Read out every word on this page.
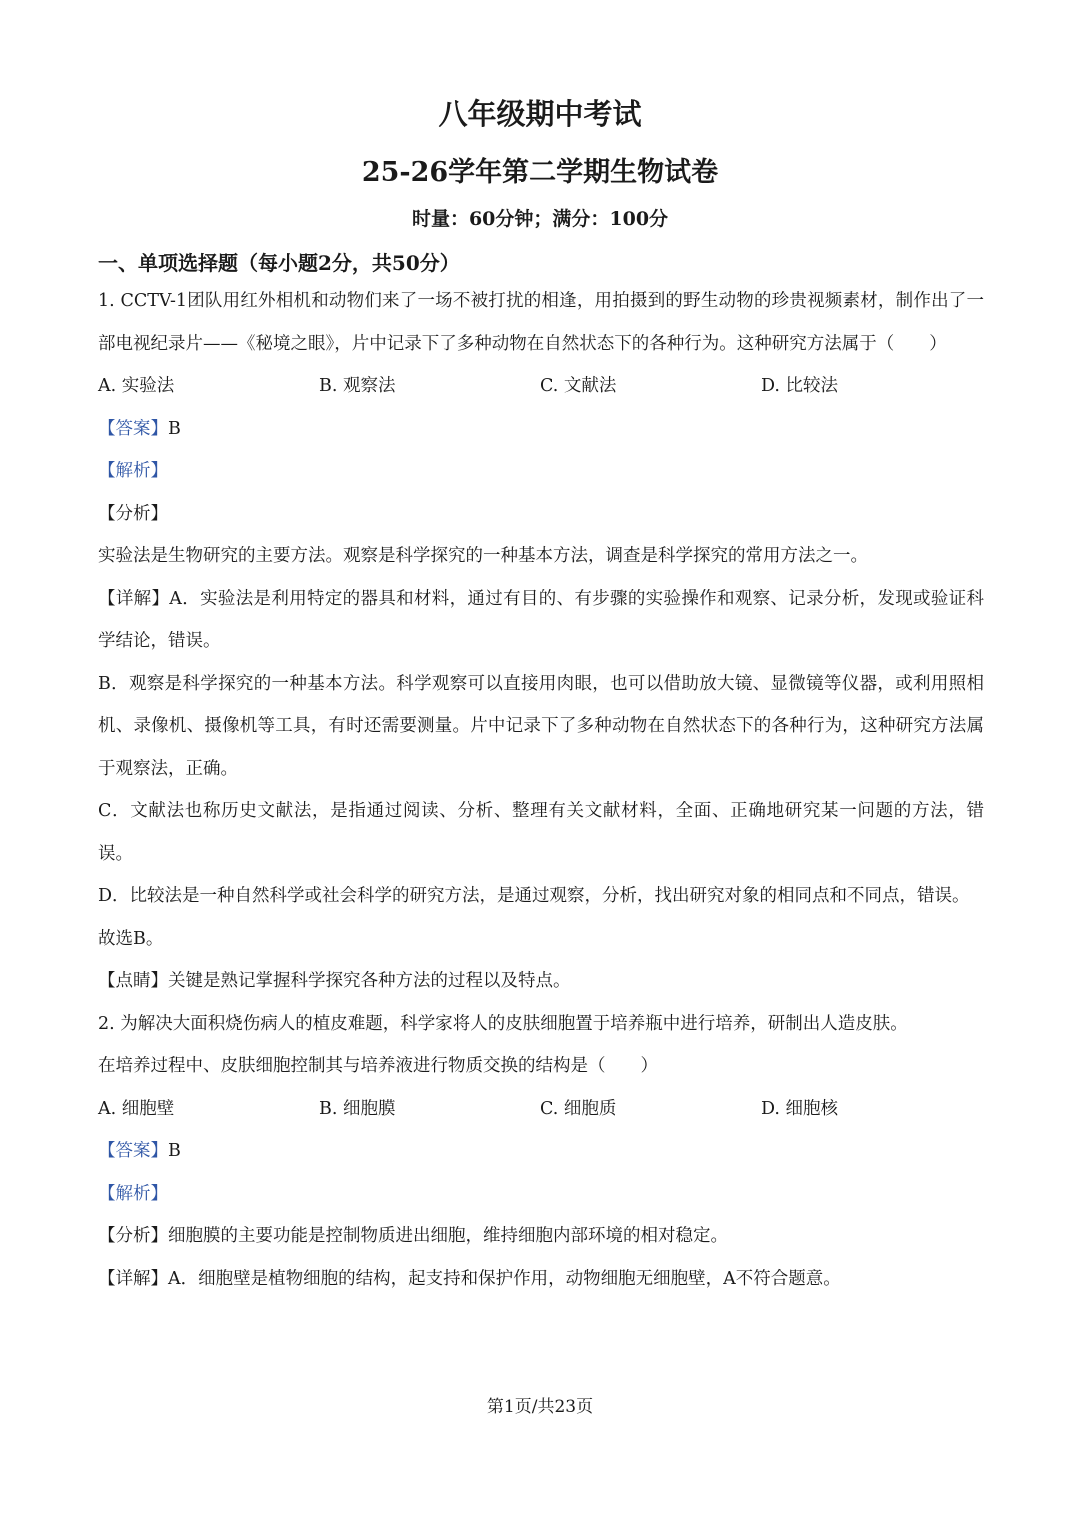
八年级期中考试
25-26学年第二学期生物试卷
时量：60分钟；满分：100分
一、单项选择题（每小题2分，共50分）

1. CCTV-1团队用红外相机和动物们来了一场不被打扰的相逢，用拍摄到的野生动物的珍贵视频素材，制作出了一部电视纪录片——《秘境之眼》，片中记录下了多种动物在自然状态下的各种行为。这种研究方法属于（　　）

A. 实验法	B. 观察法	C. 文献法	D. 比较法

【答案】B

【解析】

【分析】

实验法是生物研究的主要方法。观察是科学探究的一种基本方法，调查是科学探究的常用方法之一。

【详解】A．实验法是利用特定的器具和材料，通过有目的、有步骤的实验操作和观察、记录分析，发现或验证科学结论，错误。

B．观察是科学探究的一种基本方法。科学观察可以直接用肉眼，也可以借助放大镜、显微镜等仪器，或利用照相机、录像机、摄像机等工具，有时还需要测量。片中记录下了多种动物在自然状态下的各种行为，这种研究方法属于观察法，正确。

C．文献法也称历史文献法，是指通过阅读、分析、整理有关文献材料，全面、正确地研究某一问题的方法，错误。

D．比较法是一种自然科学或社会科学的研究方法，是通过观察，分析，找出研究对象的相同点和不同点，错误。

故选B。

【点睛】关键是熟记掌握科学探究各种方法的过程以及特点。

2. 为解决大面积烧伤病人的植皮难题，科学家将人的皮肤细胞置于培养瓶中进行培养，研制出人造皮肤。

在培养过程中、皮肤细胞控制其与培养液进行物质交换的结构是（　　）

A. 细胞壁	B. 细胞膜	C. 细胞质	D. 细胞核

【答案】B

【解析】

【分析】细胞膜的主要功能是控制物质进出细胞，维持细胞内部环境的相对稳定。

【详解】A．细胞壁是植物细胞的结构，起支持和保护作用，动物细胞无细胞壁，A不符合题意。

第1页/共23页
